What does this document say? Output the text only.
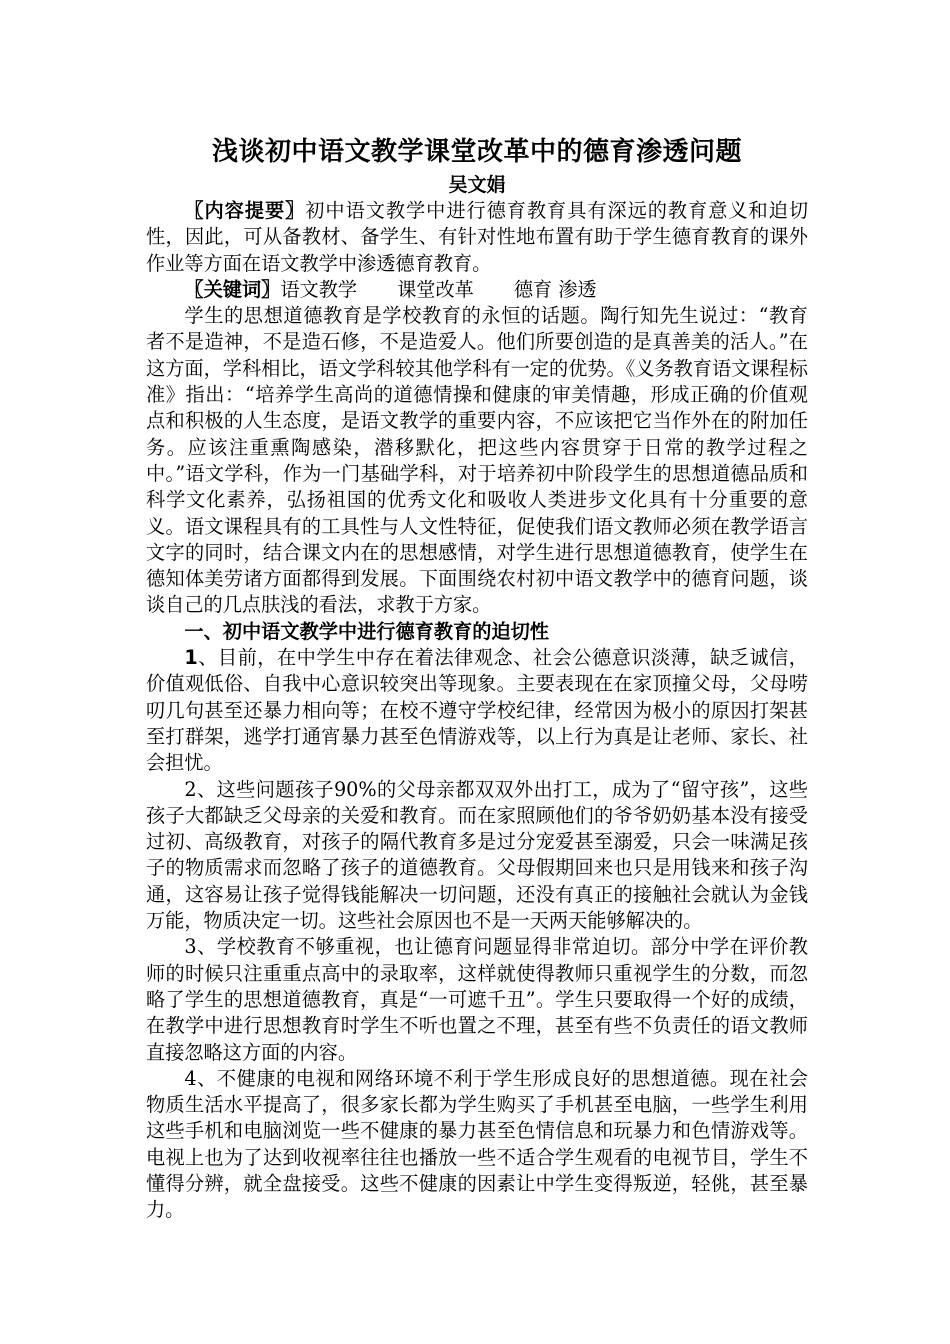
浅谈初中语文教学课堂改革中的德育渗透问题
吴文娟

〖内容提要〗初中语文教学中进行德育教育具有深远的教育意义和迫切性，因此，可从备教材、备学生、有针对性地布置有助于学生德育教育的课外作业等方面在语文教学中渗透德育教育。

〖关键词〗语文教学 课堂改革 德育 渗透

学生的思想道德教育是学校教育的永恒的话题。陶行知先生说过：“教育者不是造神，不是造石修，不是造爱人。他们所要创造的是真善美的活人。”在这方面，学科相比，语文学科较其他学科有一定的优势。《义务教育语文课程标准》指出：“培养学生高尚的道德情操和健康的审美情趣，形成正确的价值观点和积极的人生态度，是语文教学的重要内容，不应该把它当作外在的附加任务。应该注重熏陶感染，潜移默化，把这些内容贯穿于日常的教学过程之中。”语文学科，作为一门基础学科，对于培养初中阶段学生的思想道德品质和科学文化素养，弘扬祖国的优秀文化和吸收人类进步文化具有十分重要的意义。语文课程具有的工具性与人文性特征，促使我们语文教师必须在教学语言文字的同时，结合课文内在的思想感情，对学生进行思想道德教育，使学生在德知体美劳诸方面都得到发展。下面围绕农村初中语文教学中的德育问题，谈谈自己的几点肤浅的看法，求教于方家。

一、初中语文教学中进行德育教育的迫切性

1、目前，在中学生中存在着法律观念、社会公德意识淡薄，缺乏诚信，价值观低俗、自我中心意识较突出等现象。主要表现在在家顶撞父母，父母唠叨几句甚至还暴力相向等；在校不遵守学校纪律，经常因为极小的原因打架甚至打群架，逃学打通宵暴力甚至色情游戏等，以上行为真是让老师、家长、社会担忧。

2、这些问题孩子90%的父母亲都双双外出打工，成为了“留守孩”，这些孩子大都缺乏父母亲的关爱和教育。而在家照顾他们的爷爷奶奶基本没有接受过初、高级教育，对孩子的隔代教育多是过分宠爱甚至溺爱，只会一味满足孩子的物质需求而忽略了孩子的道德教育。父母假期回来也只是用钱来和孩子沟通，这容易让孩子觉得钱能解决一切问题，还没有真正的接触社会就认为金钱万能，物质决定一切。这些社会原因也不是一天两天能够解决的。

3、学校教育不够重视，也让德育问题显得非常迫切。部分中学在评价教师的时候只注重重点高中的录取率，这样就使得教师只重视学生的分数，而忽略了学生的思想道德教育，真是“一可遮千丑”。学生只要取得一个好的成绩，在教学中进行思想教育时学生不听也置之不理，甚至有些不负责任的语文教师直接忽略这方面的内容。

4、不健康的电视和网络环境不利于学生形成良好的思想道德。现在社会物质生活水平提高了，很多家长都为学生购买了手机甚至电脑，一些学生利用这些手机和电脑浏览一些不健康的暴力甚至色情信息和玩暴力和色情游戏等。电视上也为了达到收视率往往也播放一些不适合学生观看的电视节目，学生不懂得分辨，就全盘接受。这些不健康的因素让中学生变得叛逆，轻佻，甚至暴力。
